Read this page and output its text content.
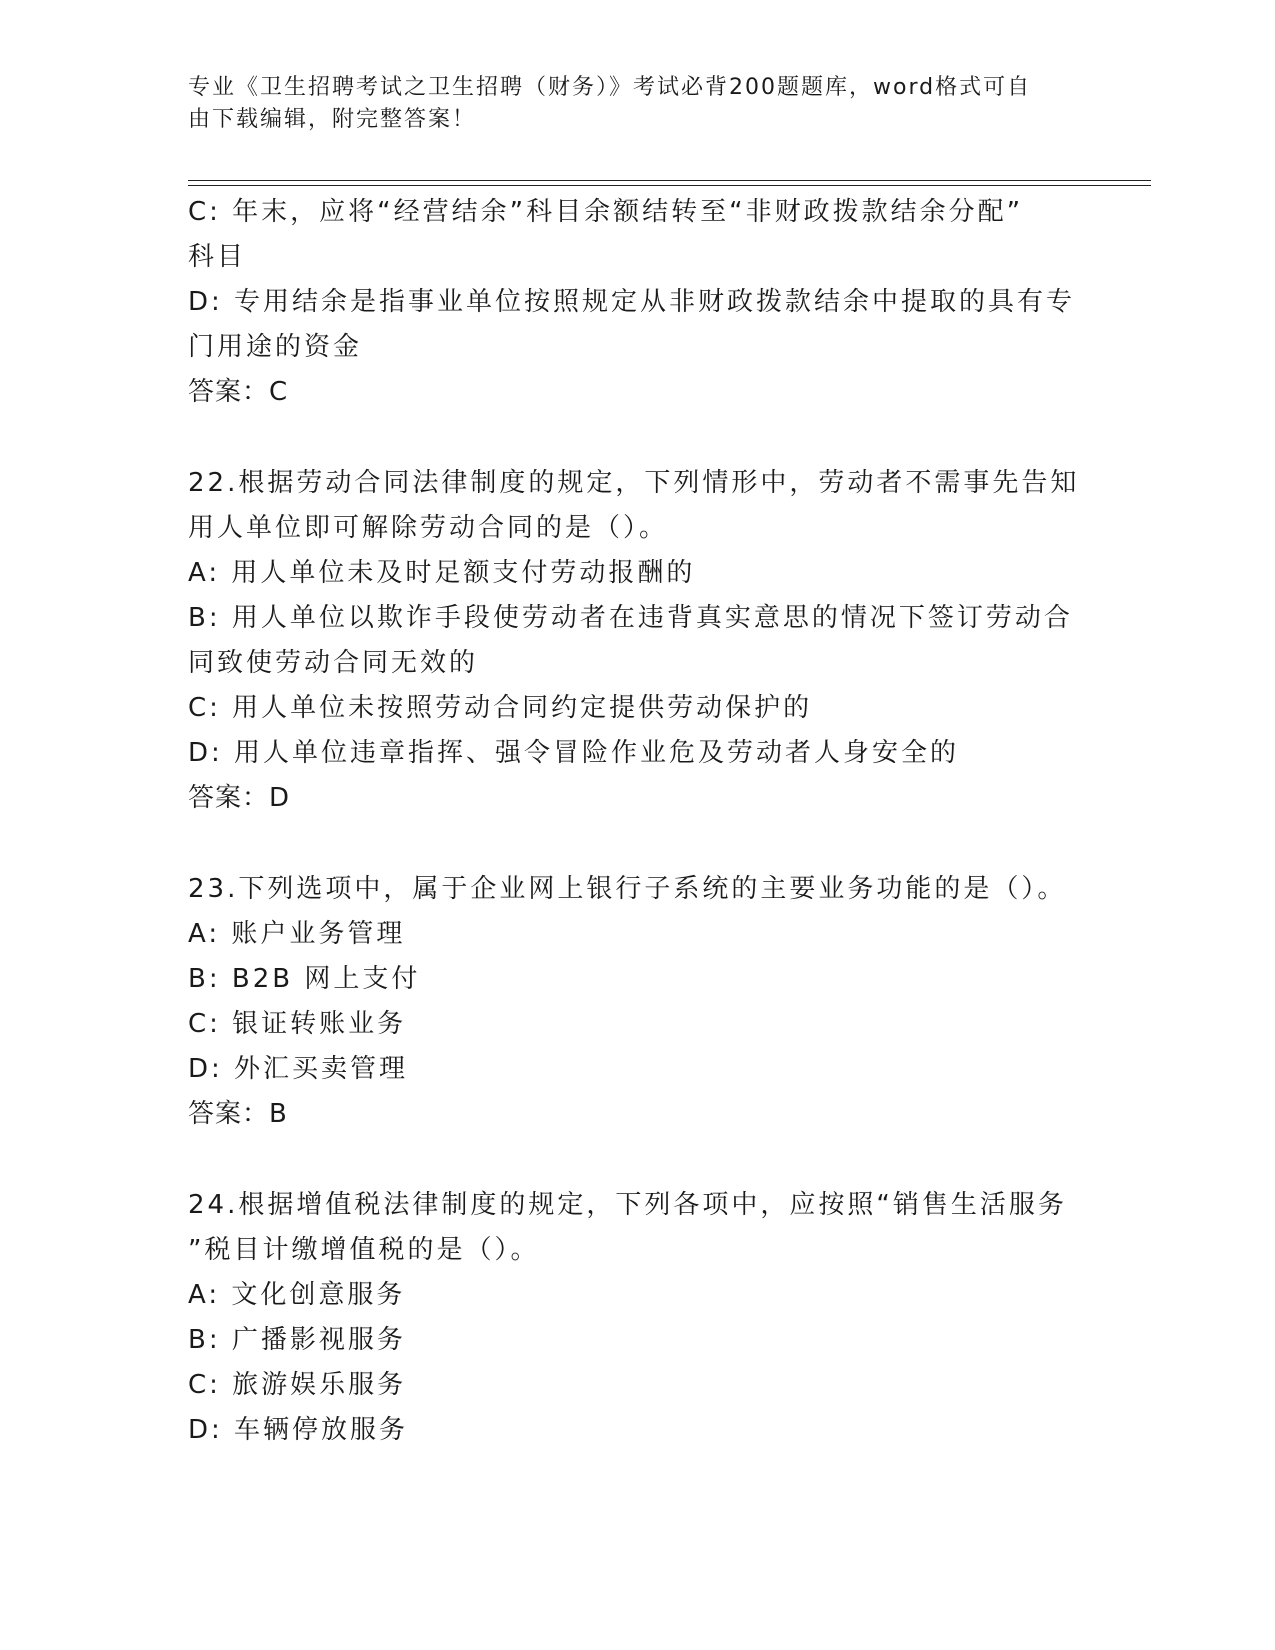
专业《卫生招聘考试之卫生招聘（财务）》考试必背200题题库，word格式可自
由下载编辑，附完整答案！
C: 年末，应将“经营结余”科目余额结转至“非财政拨款结余分配”
科目
D: 专用结余是指事业单位按照规定从非财政拨款结余中提取的具有专
门用途的资金
答案：C
22.根据劳动合同法律制度的规定，下列情形中，劳动者不需事先告知
用人单位即可解除劳动合同的是（）。
A: 用人单位未及时足额支付劳动报酬的
B: 用人单位以欺诈手段使劳动者在违背真实意思的情况下签订劳动合
同致使劳动合同无效的
C: 用人单位未按照劳动合同约定提供劳动保护的
D: 用人单位违章指挥、强令冒险作业危及劳动者人身安全的
答案：D
23.下列选项中，属于企业网上银行子系统的主要业务功能的是（）。
A: 账户业务管理
B: B2B 网上支付
C: 银证转账业务
D: 外汇买卖管理
答案：B
24.根据增值税法律制度的规定，下列各项中，应按照“销售生活服务
”税目计缴增值税的是（）。
A: 文化创意服务
B: 广播影视服务
C: 旅游娱乐服务
D: 车辆停放服务
